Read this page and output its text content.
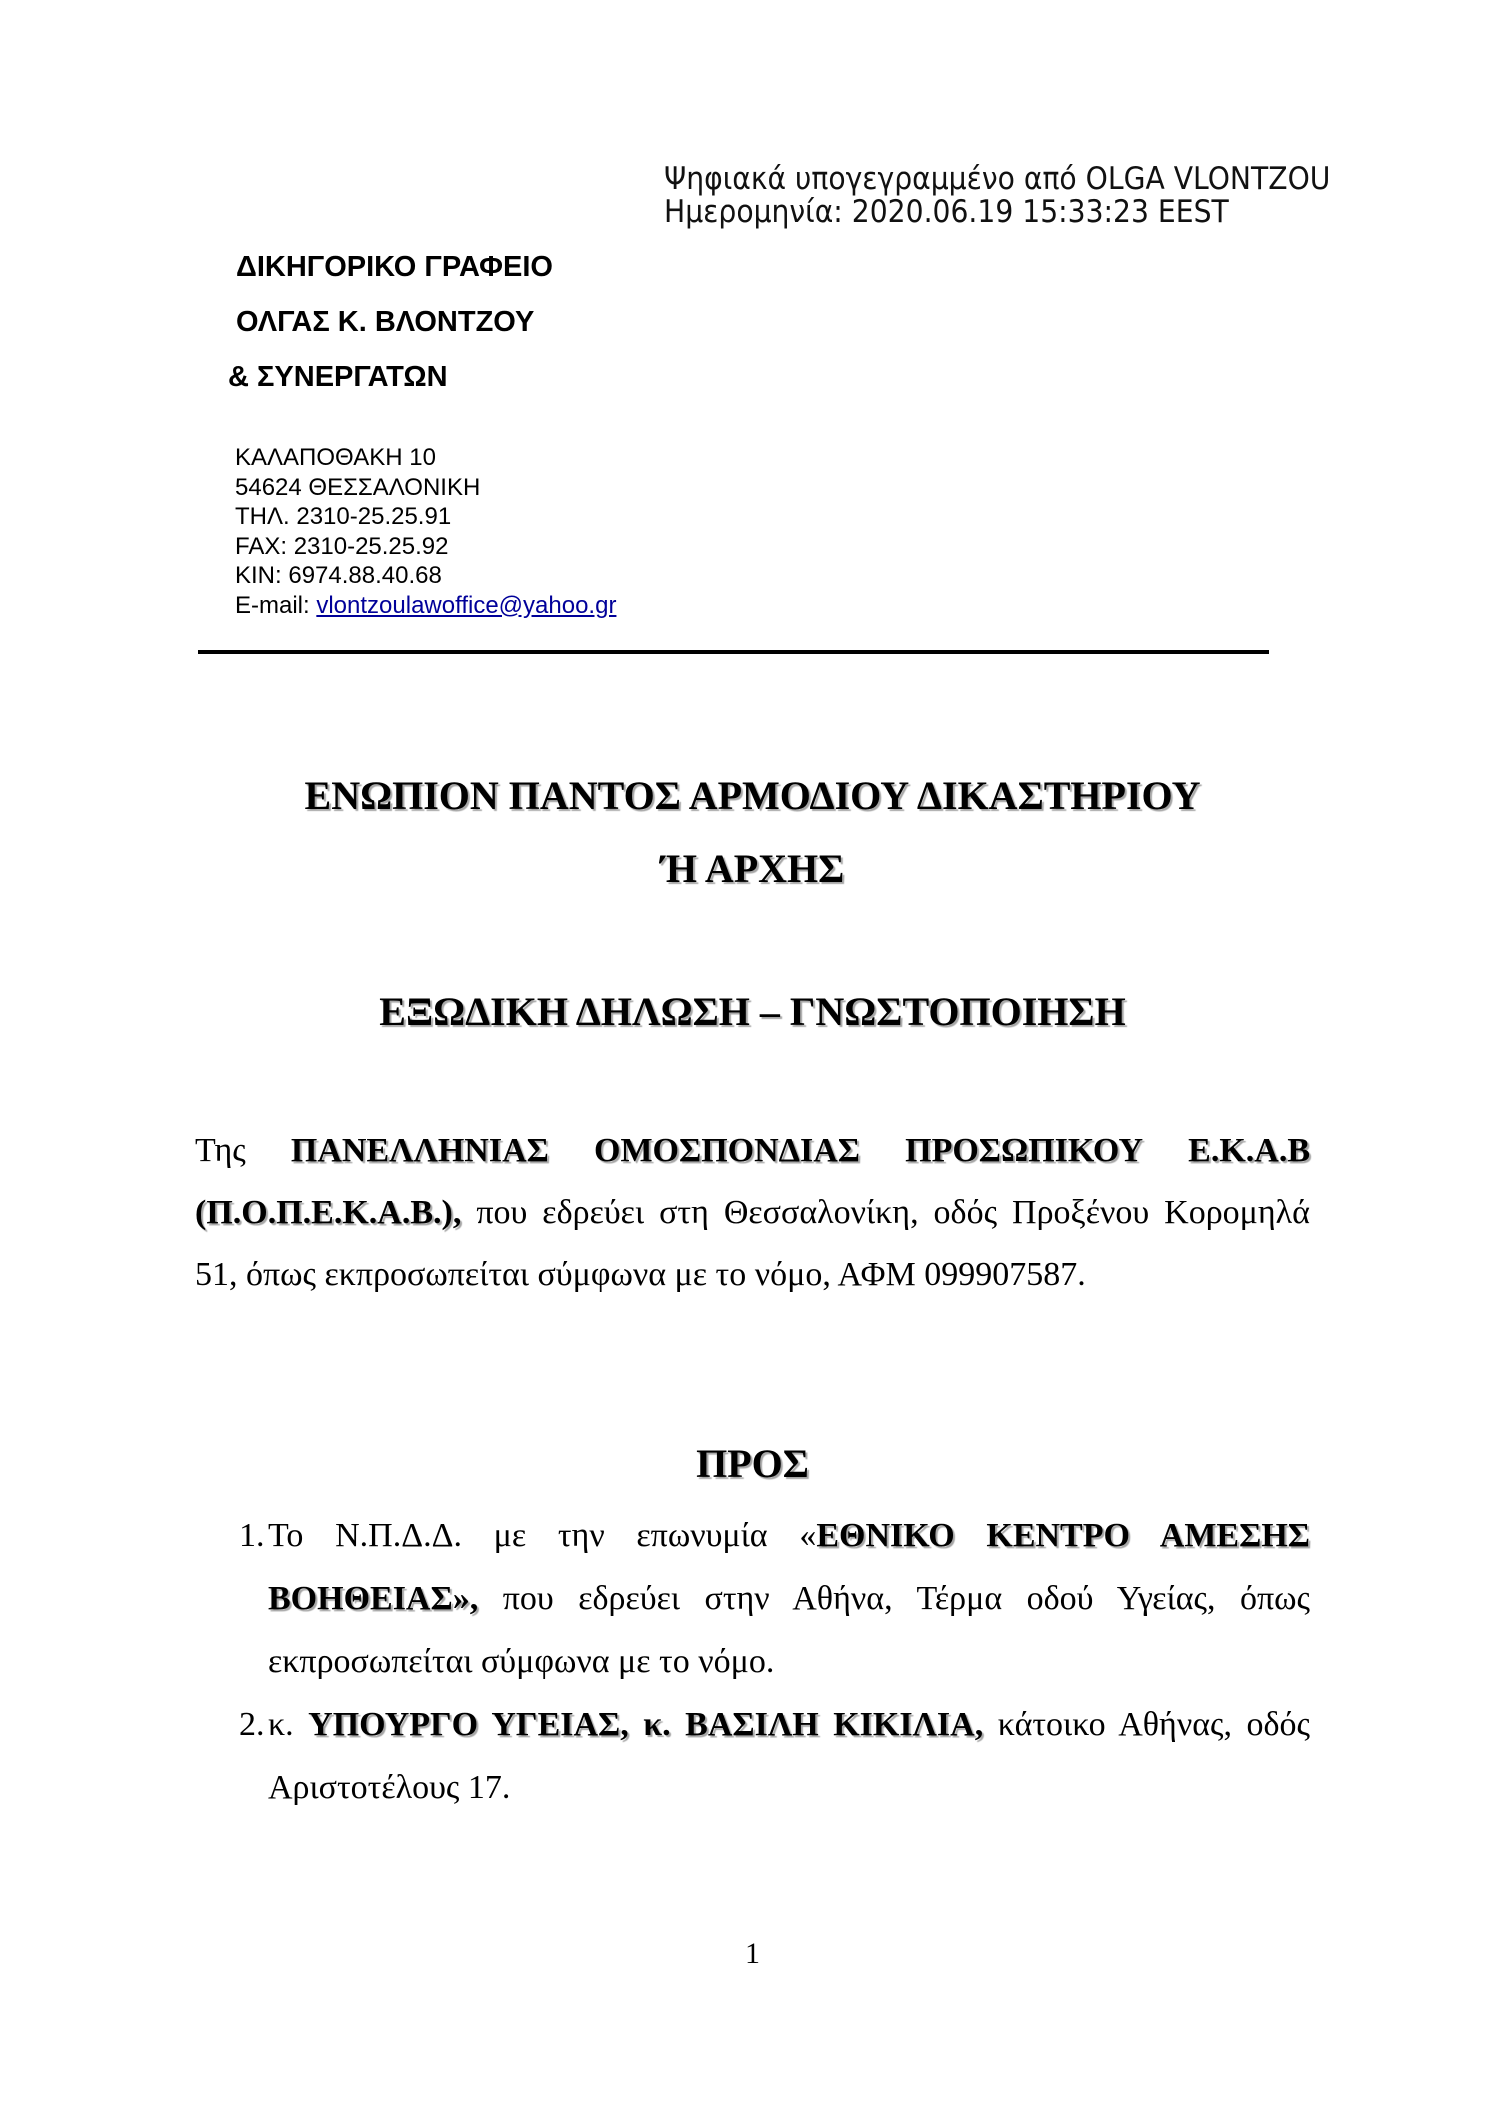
Ψηφιακά υπογεγραμμένο από OLGA VLONTZOU
Ημερομηνία: 2020.06.19 15:33:23 EEST
ΔΙΚΗΓΟΡΙΚΟ ΓΡΑΦΕΙΟ
ΟΛΓΑΣ Κ. ΒΛΟΝΤΖΟΥ
& ΣΥΝΕΡΓΑΤΩΝ
ΚΑΛΑΠΟΘΑΚΗ 10
54624 ΘΕΣΣΑΛΟΝΙΚΗ
ΤΗΛ. 2310-25.25.91
FAX: 2310-25.25.92
ΚΙΝ: 6974.88.40.68
E-mail: vlontzoulawoffice@yahoo.gr
ΕΝΩΠΙΟΝ ΠΑΝΤΟΣ ΑΡΜΟΔΙΟΥ ΔΙΚΑΣΤΗΡΙΟΥ
Ή ΑΡΧΗΣ
ΕΞΩΔΙΚΗ ΔΗΛΩΣΗ – ΓΝΩΣΤΟΠΟΙΗΣΗ

Της ΠΑΝΕΛΛΗΝΙΑΣ ΟΜΟΣΠΟΝΔΙΑΣ ΠΡΟΣΩΠΙΚΟΥ Ε.Κ.Α.Β (Π.Ο.Π.Ε.Κ.Α.Β.), που εδρεύει στη Θεσσαλονίκη, οδός Προξένου Κορομηλά 51, όπως εκπροσωπείται σύμφωνα με το νόμο, ΑΦΜ 099907587.

ΠΡΟΣ
1. Το Ν.Π.Δ.Δ. με την επωνυμία «ΕΘΝΙΚΟ ΚΕΝΤΡΟ ΑΜΕΣΗΣ ΒΟΗΘΕΙΑΣ», που εδρεύει στην Αθήνα, Τέρμα οδού Υγείας, όπως εκπροσωπείται σύμφωνα με το νόμο.
2. κ. ΥΠΟΥΡΓΟ ΥΓΕΙΑΣ, κ. ΒΑΣΙΛΗ ΚΙΚΙΛΙΑ, κάτοικο Αθήνας, οδός Αριστοτέλους 17.
1
